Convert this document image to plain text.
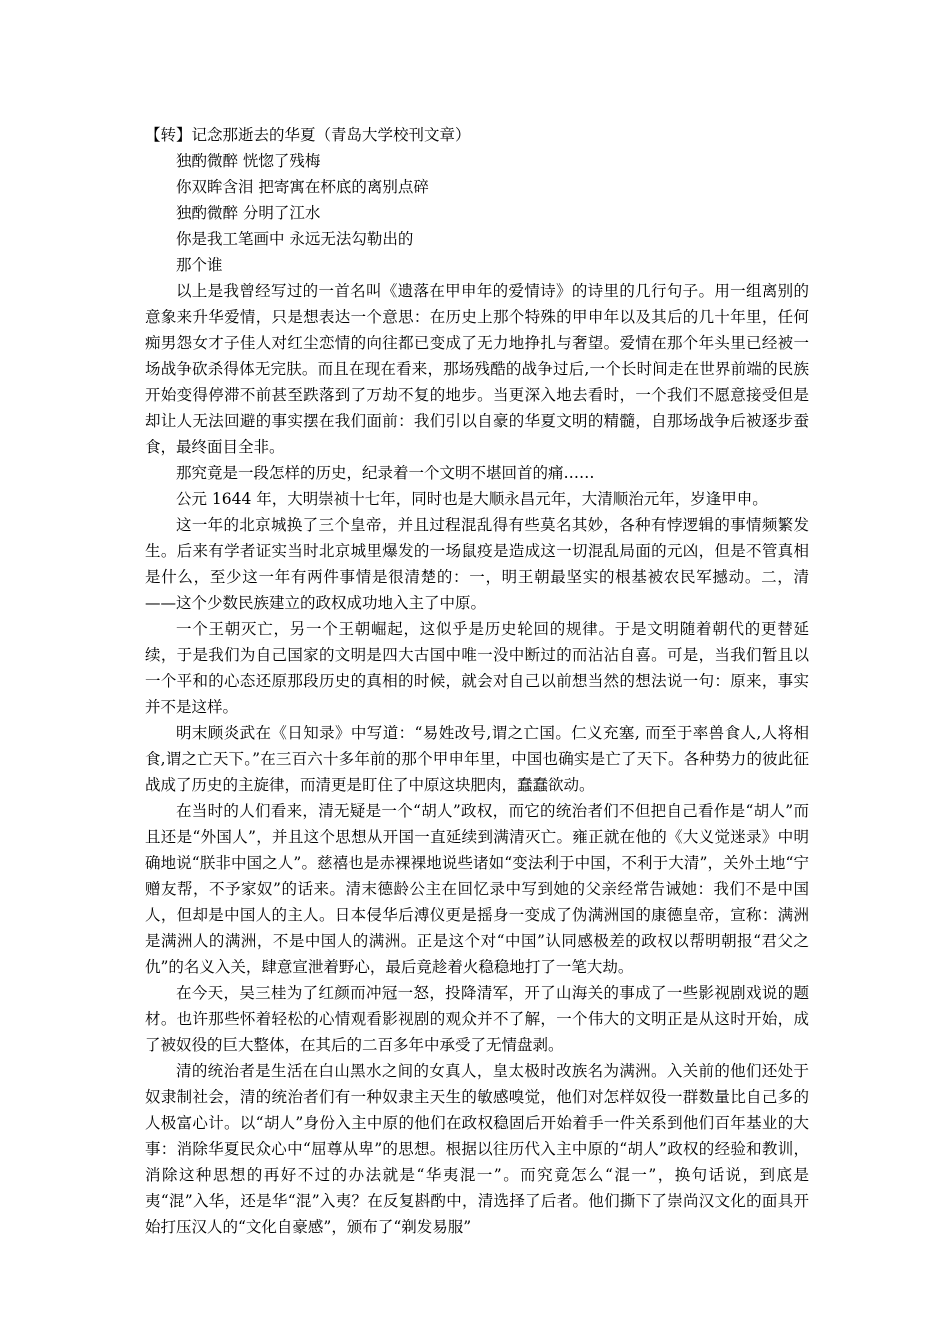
【转】记念那逝去的华夏（青岛大学校刊文章）

独酌微醉 恍惚了残梅

你双眸含泪 把寄寓在杯底的离别点碎

独酌微醉 分明了江水

你是我工笔画中 永远无法勾勒出的

那个谁

以上是我曾经写过的一首名叫《遗落在甲申年的爱情诗》的诗里的几行句子。用一组离别的意象来升华爱情，只是想表达一个意思：在历史上那个特殊的甲申年以及其后的几十年里，任何痴男怨女才子佳人对红尘恋情的向往都已变成了无力地挣扎与奢望。爱情在那个年头里已经被一场战争砍杀得体无完肤。而且在现在看来，那场残酷的战争过后,一个长时间走在世界前端的民族开始变得停滞不前甚至跌落到了万劫不复的地步。当更深入地去看时，一个我们不愿意接受但是却让人无法回避的事实摆在我们面前：我们引以自豪的华夏文明的精髓，自那场战争后被逐步蚕食，最终面目全非。

那究竟是一段怎样的历史，纪录着一个文明不堪回首的痛……

公元 1644 年，大明崇祯十七年，同时也是大顺永昌元年，大清顺治元年，岁逢甲申。

这一年的北京城换了三个皇帝，并且过程混乱得有些莫名其妙，各种有悖逻辑的事情频繁发生。后来有学者证实当时北京城里爆发的一场鼠疫是造成这一切混乱局面的元凶，但是不管真相是什么，至少这一年有两件事情是很清楚的：一，明王朝最坚实的根基被农民军撼动。二，清——这个少数民族建立的政权成功地入主了中原。

一个王朝灭亡，另一个王朝崛起，这似乎是历史轮回的规律。于是文明随着朝代的更替延续，于是我们为自己国家的文明是四大古国中唯一没中断过的而沾沾自喜。可是，当我们暂且以一个平和的心态还原那段历史的真相的时候，就会对自己以前想当然的想法说一句：原来，事实并不是这样。

明末顾炎武在《日知录》中写道：“易姓改号,谓之亡国。仁义充塞, 而至于率兽食人,人将相食,谓之亡天下。”在三百六十多年前的那个甲申年里，中国也确实是亡了天下。各种势力的彼此征战成了历史的主旋律，而清更是盯住了中原这块肥肉，蠢蠢欲动。

在当时的人们看来，清无疑是一个“胡人”政权，而它的统治者们不但把自己看作是“胡人”而且还是“外国人”，并且这个思想从开国一直延续到满清灭亡。雍正就在他的《大义觉迷录》中明确地说“朕非中国之人”。慈禧也是赤裸裸地说些诸如“变法利于中国，不利于大清”，关外土地“宁赠友帮，不予家奴”的话来。清末德龄公主在回忆录中写到她的父亲经常告诫她：我们不是中国人，但却是中国人的主人。日本侵华后溥仪更是摇身一变成了伪满洲国的康德皇帝，宣称：满洲是满洲人的满洲，不是中国人的满洲。正是这个对“中国”认同感极差的政权以帮明朝报“君父之仇”的名义入关，肆意宣泄着野心，最后竟趁着火稳稳地打了一笔大劫。

在今天，吴三桂为了红颜而冲冠一怒，投降清军，开了山海关的事成了一些影视剧戏说的题材。也许那些怀着轻松的心情观看影视剧的观众并不了解，一个伟大的文明正是从这时开始，成了被奴役的巨大整体，在其后的二百多年中承受了无情盘剥。

清的统治者是生活在白山黑水之间的女真人，皇太极时改族名为满洲。入关前的他们还处于奴隶制社会，清的统治者们有一种奴隶主天生的敏感嗅觉，他们对怎样奴役一群数量比自己多的人极富心计。以“胡人”身份入主中原的他们在政权稳固后开始着手一件关系到他们百年基业的大事：消除华夏民众心中“屈尊从卑”的思想。根据以往历代入主中原的“胡人”政权的经验和教训，消除这种思想的再好不过的办法就是“华夷混一”。而究竟怎么“混一”，换句话说，到底是夷“混”入华，还是华“混”入夷？在反复斟酌中，清选择了后者。他们撕下了崇尚汉文化的面具开始打压汉人的“文化自豪感”，颁布了“剃发易服”
